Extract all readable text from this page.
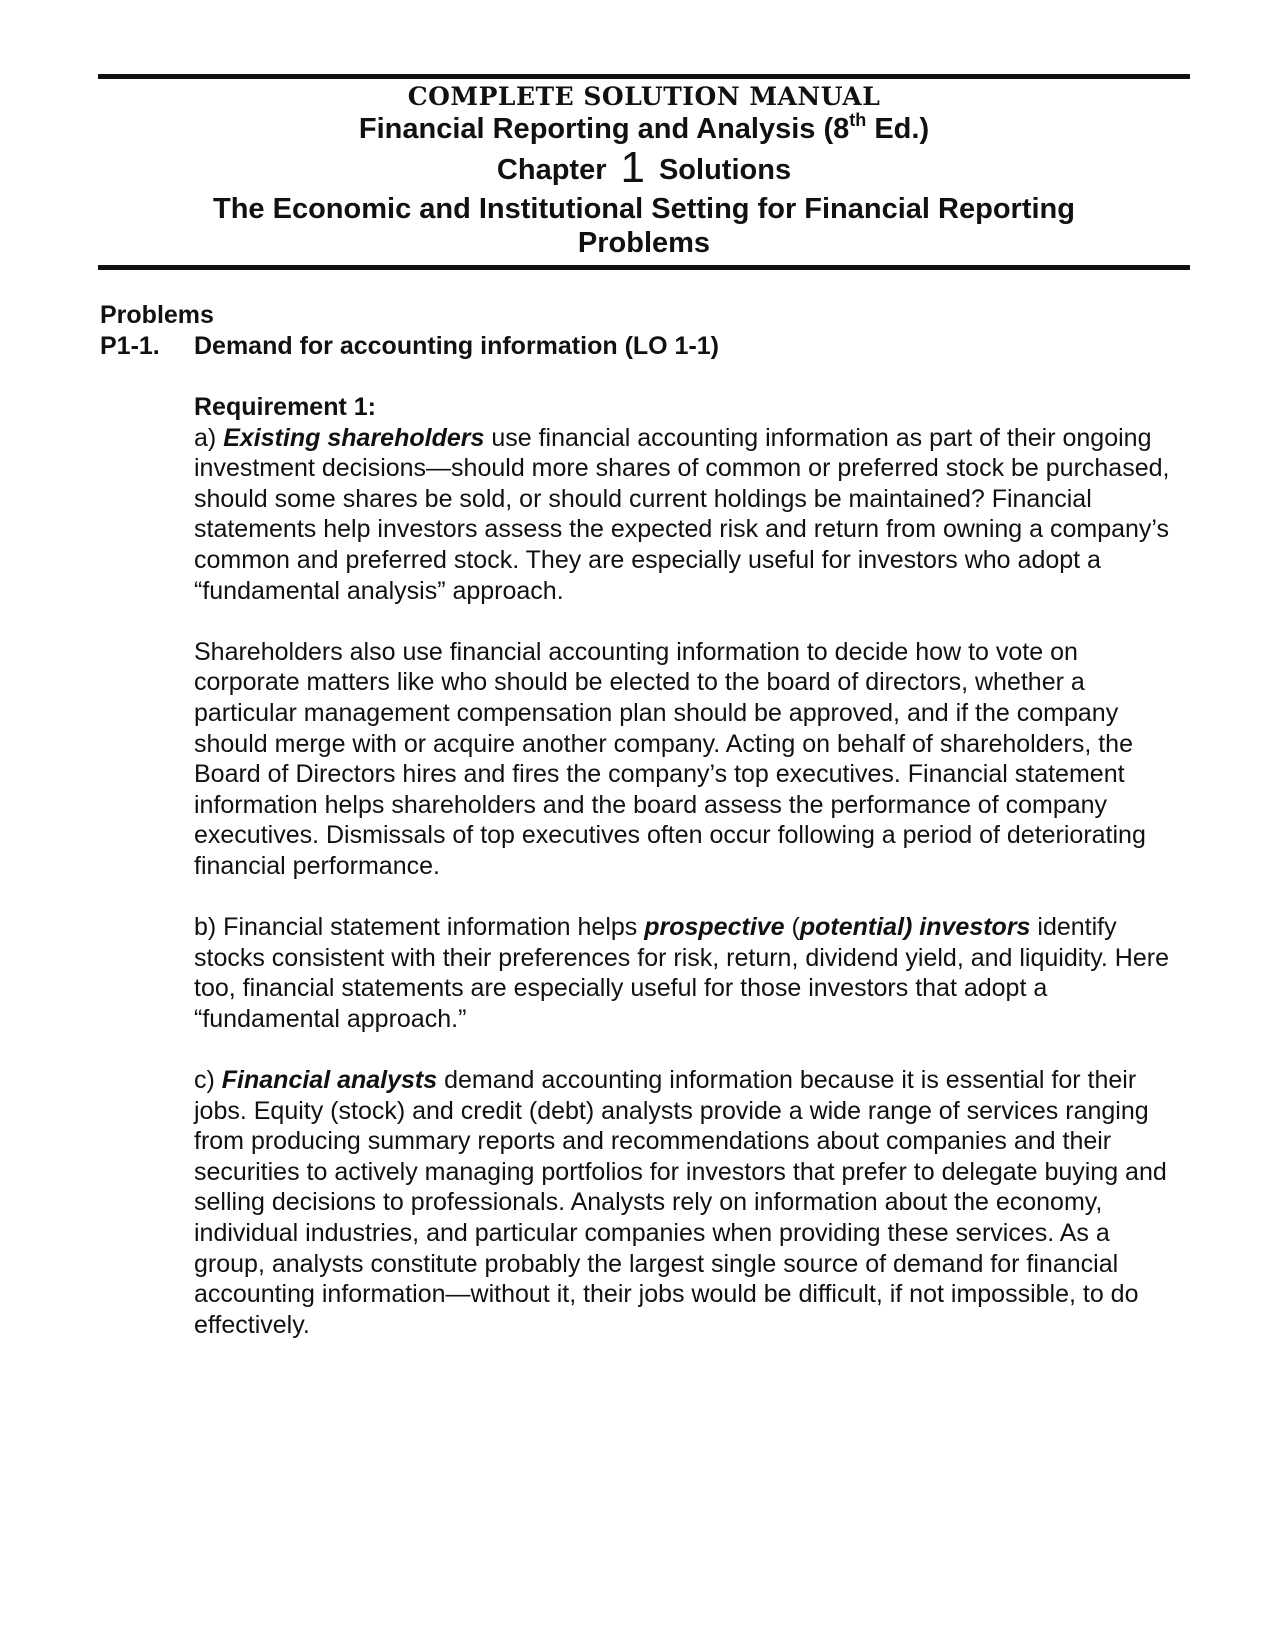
COMPLETE SOLUTION MANUAL
Financial Reporting and Analysis (8th Ed.)
Chapter 1 Solutions
The Economic and Institutional Setting for Financial Reporting
Problems
Problems
P1-1. Demand for accounting information (LO 1-1)
Requirement 1:

a) Existing shareholders use financial accounting information as part of their ongoing investment decisions—should more shares of common or preferred stock be purchased, should some shares be sold, or should current holdings be maintained? Financial statements help investors assess the expected risk and return from owning a company’s common and preferred stock. They are especially useful for investors who adopt a “fundamental analysis” approach.

Shareholders also use financial accounting information to decide how to vote on corporate matters like who should be elected to the board of directors, whether a particular management compensation plan should be approved, and if the company should merge with or acquire another company. Acting on behalf of shareholders, the Board of Directors hires and fires the company’s top executives. Financial statement information helps shareholders and the board assess the performance of company executives. Dismissals of top executives often occur following a period of deteriorating financial performance.

b) Financial statement information helps prospective (potential) investors identify stocks consistent with their preferences for risk, return, dividend yield, and liquidity. Here too, financial statements are especially useful for those investors that adopt a “fundamental approach.”

c) Financial analysts demand accounting information because it is essential for their jobs. Equity (stock) and credit (debt) analysts provide a wide range of services ranging from producing summary reports and recommendations about companies and their securities to actively managing portfolios for investors that prefer to delegate buying and selling decisions to professionals. Analysts rely on information about the economy, individual industries, and particular companies when providing these services. As a group, analysts constitute probably the largest single source of demand for financial accounting information—without it, their jobs would be difficult, if not impossible, to do effectively.
